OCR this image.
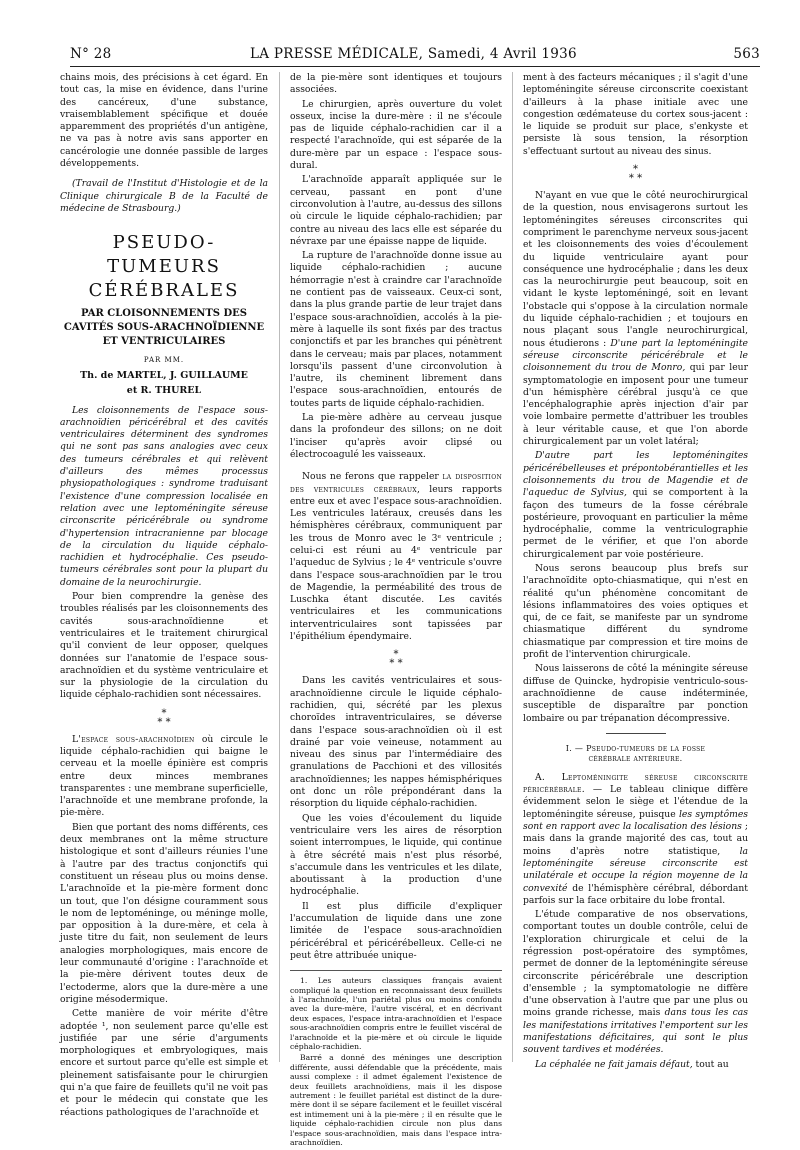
N° 28	LA PRESSE MÉDICALE, Samedi, 4 Avril 1936	563

chains mois, des précisions à cet égard. En tout cas, la mise en évidence, dans l'urine des cancéreux, d'une substance, vraisemblablement spécifique et douée apparemment des propriétés d'un antigène, ne va pas à notre avis sans apporter en cancérologie une donnée passible de larges développements.

(Travail de l'Institut d'Histologie et de la Clinique chirurgicale B de la Faculté de médecine de Strasbourg.)

PSEUDO-TUMEURS
CÉRÉBRALES
PAR CLOISONNEMENTS DES CAVITÉS SOUS-ARACHNOÏDIENNE ET VENTRICULAIRES
PAR MM.
Th. de MARTEL, J. GUILLAUME
et R. THUREL

Les cloisonnements de l'espace sous-arachnoïdien péricérébral et des cavités ventriculaires déterminent des syndromes qui ne sont pas sans analogies avec ceux des tumeurs cérébrales et qui relèvent d'ailleurs des mêmes processus physiopathologiques : syndrome traduisant l'existence d'une compression localisée en relation avec une leptoméningite séreuse circonscrite péricérébrale ou syndrome d'hypertension intracranienne par blocage de la circulation du liquide céphalo-rachidien et hydrocéphalie. Ces pseudo-tumeurs cérébrales sont pour la plupart du domaine de la neurochirurgie.

Pour bien comprendre la genèse des troubles réalisés par les cloisonnements des cavités sous-arachnoïdienne et ventriculaires et le traitement chirurgical qu'il convient de leur opposer, quelques données sur l'anatomie de l'espace sous-arachnoïdien et du système ventriculaire et sur la physiologie de la circulation du liquide céphalo-rachidien sont nécessaires.

*
* *

L'espace sous-arachnoïdien où circule le liquide céphalo-rachidien qui baigne le cerveau et la moelle épinière est compris entre deux minces membranes transparentes : une membrane superficielle, l'arachnoïde et une membrane profonde, la pie-mère.

Bien que portant des noms différents, ces deux membranes ont la même structure histologique et sont d'ailleurs réunies l'une à l'autre par des tractus conjonctifs qui constituent un réseau plus ou moins dense. L'arachnoïde et la pie-mère forment donc un tout, que l'on désigne couramment sous le nom de leptoméninge, ou méninge molle, par opposition à la dure-mère, et cela à juste titre du fait, non seulement de leurs analogies morphologiques, mais encore de leur communauté d'origine : l'arachnoïde et la pie-mère dérivent toutes deux de l'ectoderme, alors que la dure-mère a une origine mésodermique.

Cette manière de voir mérite d'être adoptée ¹, non seulement parce qu'elle est justifiée par une série d'arguments morphologiques et embryologiques, mais encore et surtout parce qu'elle est simple et pleinement satisfaisante pour le chirurgien qui n'a que faire de feuillets qu'il ne voit pas et pour le médecin qui constate que les réactions pathologiques de l'arachnoïde et

de la pie-mère sont identiques et toujours associées.

Le chirurgien, après ouverture du volet osseux, incise la dure-mère : il ne s'écoule pas de liquide céphalo-rachidien car il a respecté l'arachnoïde, qui est séparée de la dure-mère par un espace : l'espace sous-dural.

L'arachnoïde apparaît appliquée sur le cerveau, passant en pont d'une circonvolution à l'autre, au-dessus des sillons où circule le liquide céphalo-rachidien; par contre au niveau des lacs elle est séparée du névraxe par une épaisse nappe de liquide.

La rupture de l'arachnoïde donne issue au liquide céphalo-rachidien ; aucune hémorragie n'est à craindre car l'arachnoïde ne contient pas de vaisseaux. Ceux-ci sont, dans la plus grande partie de leur trajet dans l'espace sous-arachnoïdien, accolés à la pie-mère à laquelle ils sont fixés par des tractus conjonctifs et par les branches qui pénètrent dans le cerveau; mais par places, notamment lorsqu'ils passent d'une circonvolution à l'autre, ils cheminent librement dans l'espace sous-arachnoïdien, entourés de toutes parts de liquide céphalo-rachidien.

La pie-mère adhère au cerveau jusque dans la profondeur des sillons; on ne doit l'inciser qu'après avoir clipsé ou électrocoagulé les vaisseaux.

Nous ne ferons que rappeler la disposition des ventricules cérébraux, leurs rapports entre eux et avec l'espace sous-arachnoïdien. Les ventricules latéraux, creusés dans les hémisphères cérébraux, communiquent par les trous de Monro avec le 3ᵉ ventricule ; celui-ci est réuni au 4ᵉ ventricule par l'aqueduc de Sylvius ; le 4ᵉ ventricule s'ouvre dans l'espace sous-arachnoïdien par le trou de Magendie, la perméabilité des trous de Luschka étant discutée. Les cavités ventriculaires et les communications interventriculaires sont tapissées par l'épithélium épendymaire.

*
* *

Dans les cavités ventriculaires et sous-arachnoïdienne circule le liquide céphalo-rachidien, qui, sécrété par les plexus choroïdes intraventriculaires, se déverse dans l'espace sous-arachnoïdien où il est drainé par voie veineuse, notamment au niveau des sinus par l'intermédiaire des granulations de Pacchioni et des villosités arachnoïdiennes; les nappes hémisphériques ont donc un rôle prépondérant dans la résorption du liquide céphalo-rachidien.

Que les voies d'écoulement du liquide ventriculaire vers les aires de résorption soient interrompues, le liquide, qui continue à être sécrété mais n'est plus résorbé, s'accumule dans les ventricules et les dilate, aboutissant à la production d'une hydrocéphalie.

Il est plus difficile d'expliquer l'accumulation de liquide dans une zone limitée de l'espace sous-arachnoïdien péricérébral et péricérébelleux. Celle-ci ne peut être attribuée unique-

1. Les auteurs classiques français avaient compliqué la question en reconnaissant deux feuillets à l'arachnoïde, l'un pariétal plus ou moins confondu avec la dure-mère, l'autre viscéral, et en décrivant deux espaces, l'espace intra-arachnoïdien et l'espace sous-arachnoïdien compris entre le feuillet viscéral de l'arachnoïde et la pie-mère et où circule le liquide céphalo-rachidien.

Barré a donné des méninges une description différente, aussi défendable que la précédente, mais aussi complexe : il admet également l'existence de deux feuillets arachnoïdiens, mais il les dispose autrement : le feuillet pariétal est distinct de la dure-mère dont il se sépare facilement et le feuillet viscéral est intimement uni à la pie-mère ; il en résulte que le liquide céphalo-rachidien circule non plus dans l'espace sous-arachnoïdien, mais dans l'espace intra-arachnoïdien.

ment à des facteurs mécaniques ; il s'agit d'une leptoméningite séreuse circonscrite coexistant d'ailleurs à la phase initiale avec une congestion œdémateuse du cortex sous-jacent : le liquide se produit sur place, s'enkyste et persiste là sous tension, la résorption s'effectuant surtout au niveau des sinus.

*
* *

N'ayant en vue que le côté neurochirurgical de la question, nous envisagerons surtout les leptoméningites séreuses circonscrites qui compriment le parenchyme nerveux sous-jacent et les cloisonnements des voies d'écoulement du liquide ventriculaire ayant pour conséquence une hydrocéphalie ; dans les deux cas la neurochirurgie peut beaucoup, soit en vidant le kyste leptoméningé, soit en levant l'obstacle qui s'oppose à la circulation normale du liquide céphalo-rachidien ; et toujours en nous plaçant sous l'angle neurochirurgical, nous étudierons : D'une part la leptoméningite séreuse circonscrite péricérébrale et le cloisonnement du trou de Monro, qui par leur symptomatologie en imposent pour une tumeur d'un hémisphère cérébral jusqu'à ce que l'encéphalographie après injection d'air par voie lombaire permette d'attribuer les troubles à leur véritable cause, et que l'on aborde chirurgicalement par un volet latéral;

D'autre part les leptoméningites péricérébelleuses et prépontobérantielles et les cloisonnements du trou de Magendie et de l'aqueduc de Sylvius, qui se comportent à la façon des tumeurs de la fosse cérébrale postérieure, provoquant en particulier la même hydrocéphalie, comme la ventriculographie permet de le vérifier, et que l'on aborde chirurgicalement par voie postérieure.

Nous serons beaucoup plus brefs sur l'arachnoïdite opto-chiasmatique, qui n'est en réalité qu'un phénomène concomitant de lésions inflammatoires des voies optiques et qui, de ce fait, se manifeste par un syndrome chiasmatique différent du syndrome chiasmatique par compression et tire moins de profit de l'intervention chirurgicale.

Nous laisserons de côté la méningite séreuse diffuse de Quincke, hydropisie ventriculo-sous-arachnoïdienne de cause indéterminée, susceptible de disparaître par ponction lombaire ou par trépanation décompressive.

I. — Pseudo-tumeurs de la fosse
cérébrale antérieure.

A. Leptoméningite séreuse circonscrite péricérébrale. — Le tableau clinique diffère évidemment selon le siège et l'étendue de la leptoméningite séreuse, puisque les symptômes sont en rapport avec la localisation des lésions ; mais dans la grande majorité des cas, tout au moins d'après notre statistique, la leptoméningite séreuse circonscrite est unilatérale et occupe la région moyenne de la convexité de l'hémisphère cérébral, débordant parfois sur la face orbitaire du lobe frontal.

L'étude comparative de nos observations, comportant toutes un double contrôle, celui de l'exploration chirurgicale et celui de la régression post-opératoire des symptômes, permet de donner de la leptoméningite séreuse circonscrite péricérébrale une description d'ensemble ; la symptomatologie ne diffère d'une observation à l'autre que par une plus ou moins grande richesse, mais dans tous les cas les manifestations irritatives l'emportent sur les manifestations déficitaires, qui sont le plus souvent tardives et modérées.

La céphalée ne fait jamais défaut, tout au
